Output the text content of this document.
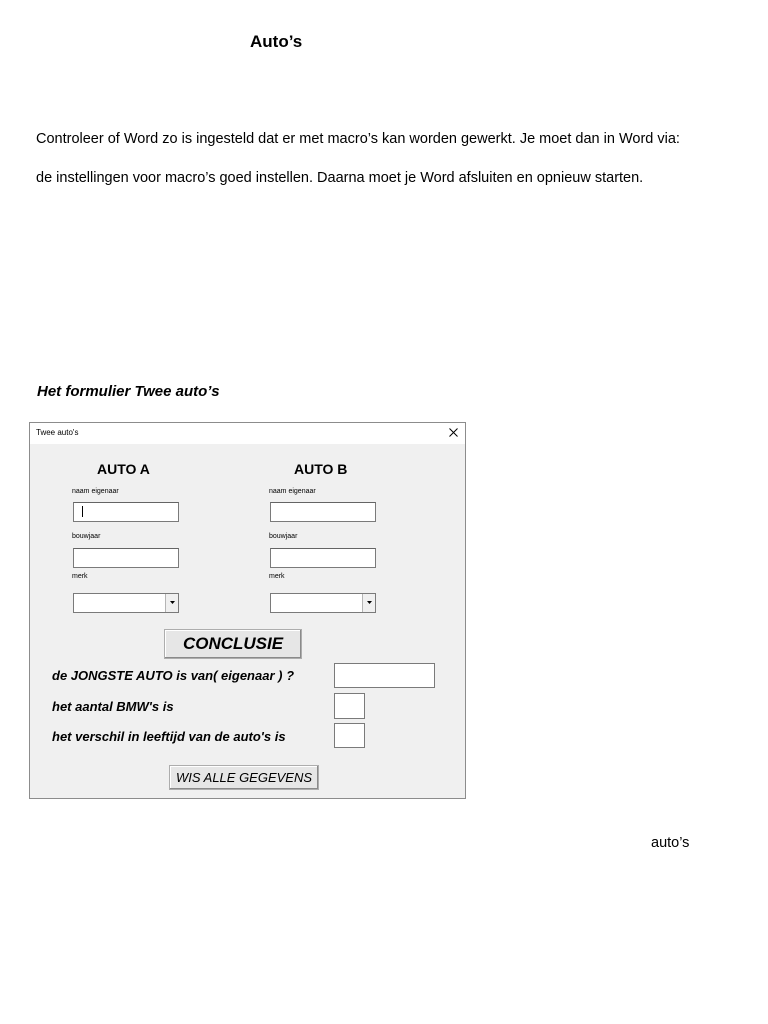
Auto’s
Controleer of Word zo is ingesteld dat er met macro’s kan worden gewerkt. Je moet dan in Word via:
de instellingen voor macro’s goed instellen. Daarna moet je Word afsluiten en opnieuw starten.
Het formulier Twee auto’s
Twee auto's
AUTO A
naam eigenaar
bouwjaar
merk
AUTO B
naam eigenaar
bouwjaar
merk
CONCLUSIE
de JONGSTE AUTO is van( eigenaar ) ?
het aantal BMW's is
het verschil in leeftijd van de auto's is
WIS ALLE GEGEVENS
auto’s
